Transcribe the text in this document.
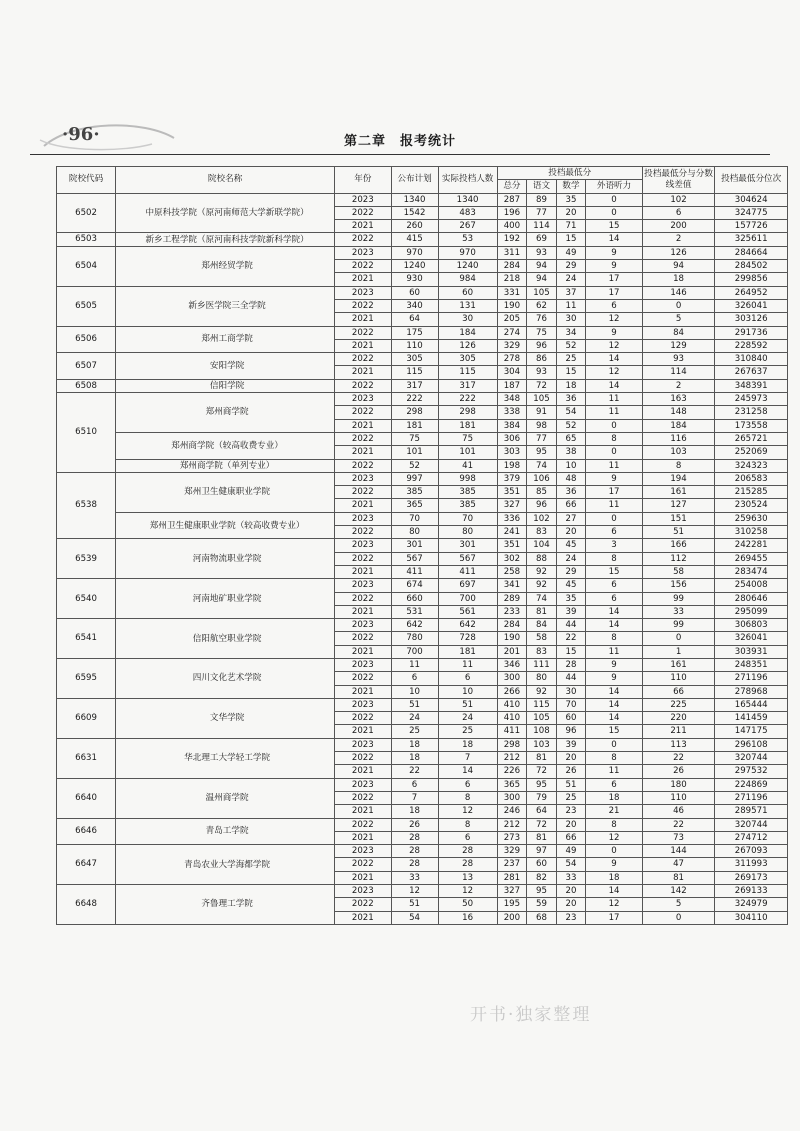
·96·	第二章　报考统计
院校代码	院校名称	年份	公布计划	实际投档人数	投档最低分				投档最低分与分数线差值	投档最低分位次
					总分	语文	数学	外语听力		
6502	中原科技学院（原河南师范大学新联学院）	2023	1340	1340	287	89	35	0	102	304624
		2022	1542	483	196	77	20	0	6	324775
		2021	260	267	400	114	71	15	200	157726
6503	新乡工程学院（原河南科技学院新科学院）	2022	415	53	192	69	15	14	2	325611
6504	郑州经贸学院	2023	970	970	311	93	49	9	126	284664
		2022	1240	1240	284	94	29	9	94	284502
		2021	930	984	218	94	24	17	18	299856
6505	新乡医学院三全学院	2023	60	60	331	105	37	17	146	264952
		2022	340	131	190	62	11	6	0	326041
		2021	64	30	205	76	30	12	5	303126
6506	郑州工商学院	2022	175	184	274	75	34	9	84	291736
		2021	110	126	329	96	52	12	129	228592
6507	安阳学院	2022	305	305	278	86	25	14	93	310840
		2021	115	115	304	93	15	12	114	267637
6508	信阳学院	2022	317	317	187	72	18	14	2	348391
6510	郑州商学院	2023	222	222	348	105	36	11	163	245973
		2022	298	298	338	91	54	11	148	231258
		2021	181	181	384	98	52	0	184	173558
	郑州商学院（较高收费专业）	2022	75	75	306	77	65	8	116	265721
		2021	101	101	303	95	38	0	103	252069
	郑州商学院（单列专业）	2022	52	41	198	74	10	11	8	324323
6538	郑州卫生健康职业学院	2023	997	998	379	106	48	9	194	206583
		2022	385	385	351	85	36	17	161	215285
		2021	365	385	327	96	66	11	127	230524
	郑州卫生健康职业学院（较高收费专业）	2023	70	70	336	102	27	0	151	259630
		2022	80	80	241	83	20	6	51	310258
6539	河南物流职业学院	2023	301	301	351	104	45	3	166	242281
		2022	567	567	302	88	24	8	112	269455
		2021	411	411	258	92	29	15	58	283474
6540	河南地矿职业学院	2023	674	697	341	92	45	6	156	254008
		2022	660	700	289	74	35	6	99	280646
		2021	531	561	233	81	39	14	33	295099
6541	信阳航空职业学院	2023	642	642	284	84	44	14	99	306803
		2022	780	728	190	58	22	8	0	326041
		2021	700	181	201	83	15	11	1	303931
6595	四川文化艺术学院	2023	11	11	346	111	28	9	161	248351
		2022	6	6	300	80	44	9	110	271196
		2021	10	10	266	92	30	14	66	278968
6609	文华学院	2023	51	51	410	115	70	14	225	165444
		2022	24	24	410	105	60	14	220	141459
		2021	25	25	411	108	96	15	211	147175
6631	华北理工大学轻工学院	2023	18	18	298	103	39	0	113	296108
		2022	18	7	212	81	20	8	22	320744
		2021	22	14	226	72	26	11	26	297532
6640	温州商学院	2023	6	6	365	95	51	6	180	224869
		2022	7	8	300	79	25	18	110	271196
		2021	18	12	246	64	23	21	46	289571
6646	青岛工学院	2022	26	8	212	72	20	8	22	320744
		2021	28	6	273	81	66	12	73	274712
6647	青岛农业大学海都学院	2023	28	28	329	97	49	0	144	267093
		2022	28	28	237	60	54	9	47	311993
		2021	33	13	281	82	33	18	81	269173
6648	齐鲁理工学院	2023	12	12	327	95	20	14	142	269133
		2022	51	50	195	59	20	12	5	324979
		2021	54	16	200	68	23	17	0	304110
开书·独家整理
